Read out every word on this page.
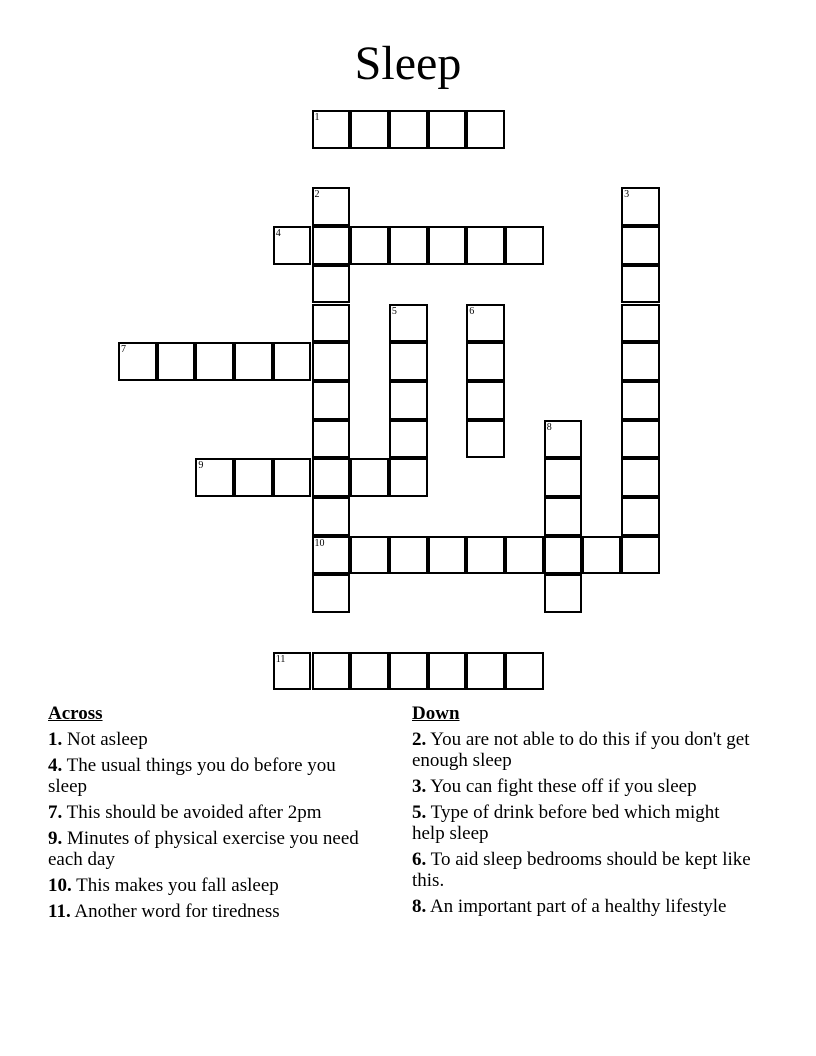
Sleep
1
2
10
3
4
5	6
7
8
9
11
Across
1. Not asleep
4. The usual things you do before you sleep
7. This should be avoided after 2pm
9. Minutes of physical exercise you need each day
10. This makes you fall asleep
11. Another word for tiredness
Down
2. You are not able to do this if you don't get enough sleep
3. You can fight these off if you sleep
5. Type of drink before bed which might help sleep
6. To aid sleep bedrooms should be kept like this.
8. An important part of a healthy lifestyle
